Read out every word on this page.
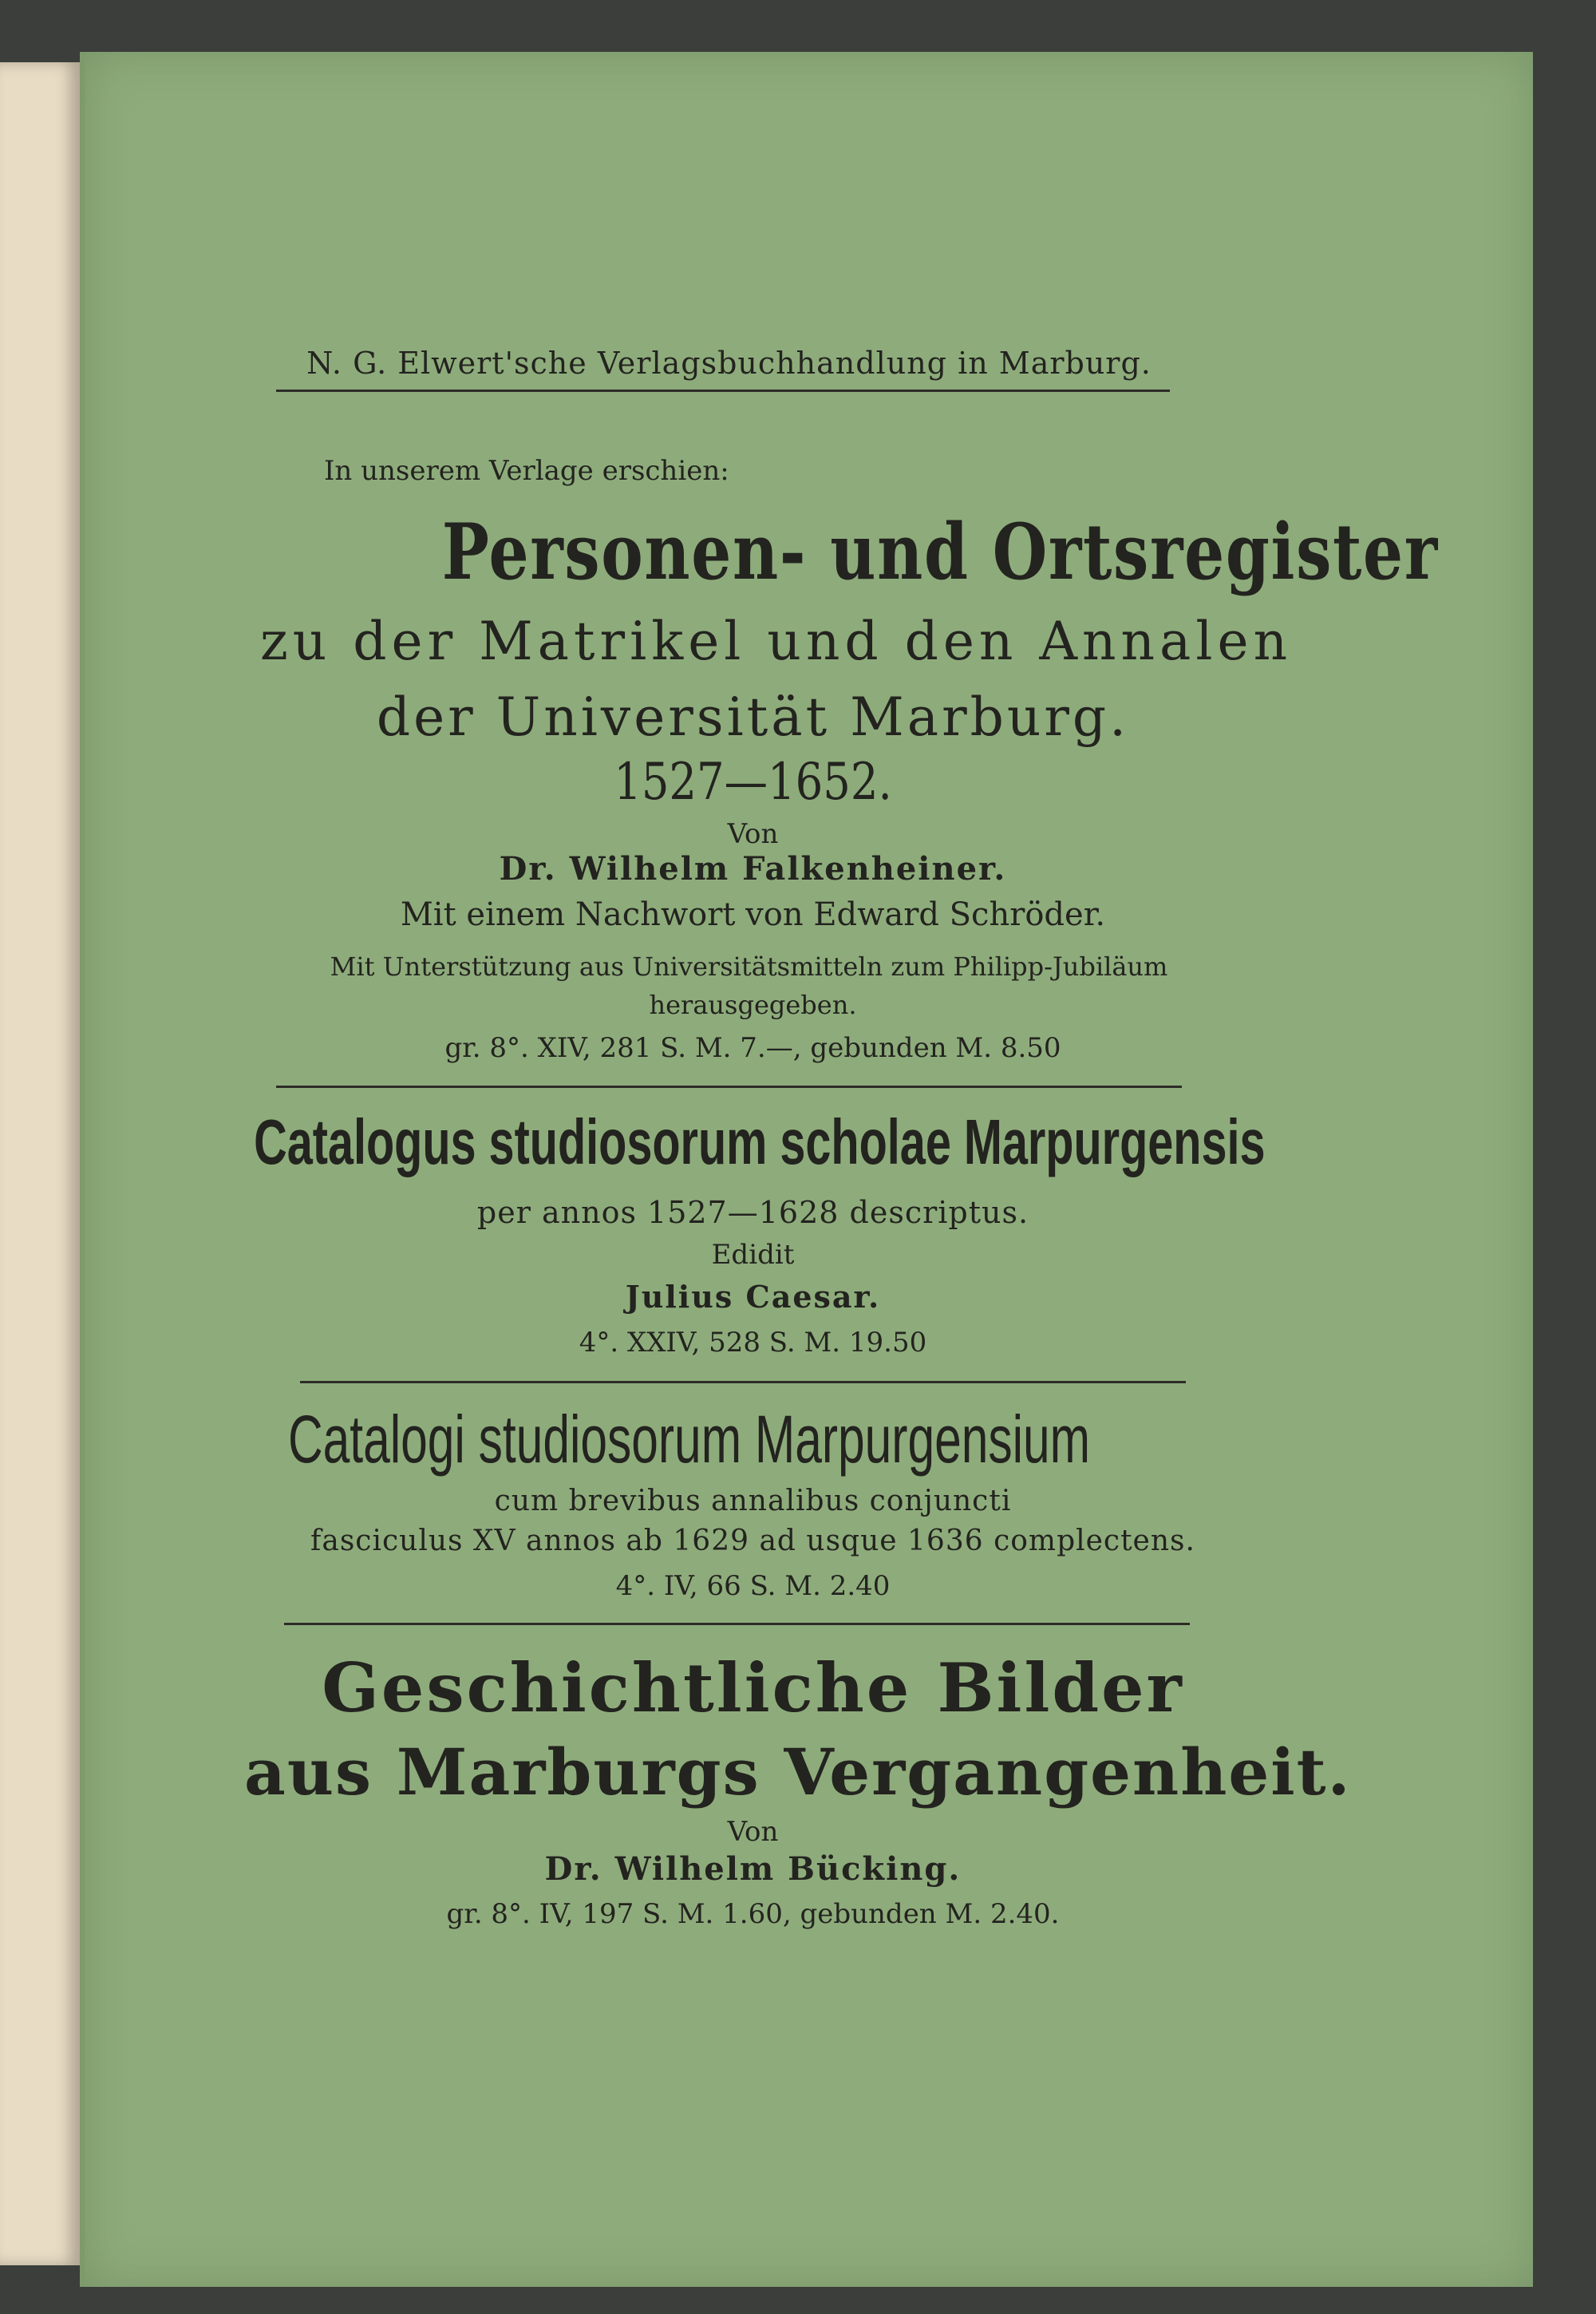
N. G. Elwert'sche Verlagsbuchhandlung in Marburg.
In unserem Verlage erschien:
Personen- und Ortsregister
zu der Matrikel und den Annalen
der Universität Marburg.
1527—1652.
Von
Dr. Wilhelm Falkenheiner.
Mit einem Nachwort von Edward Schröder.
Mit Unterstützung aus Universitätsmitteln zum Philipp-Jubiläum
herausgegeben.
gr. 8°. XIV, 281 S. M. 7.—, gebunden M. 8.50
Catalogus studiosorum scholae Marpurgensis
per annos 1527—1628 descriptus.
Edidit
Julius Caesar.
4°. XXIV, 528 S. M. 19.50
Catalogi studiosorum Marpurgensium
cum brevibus annalibus conjuncti
fasciculus XV annos ab 1629 ad usque 1636 complectens.
4°. IV, 66 S. M. 2.40
Geschichtliche Bilder
aus Marburgs Vergangenheit.
Von
Dr. Wilhelm Bücking.
gr. 8°. IV, 197 S. M. 1.60, gebunden M. 2.40.
